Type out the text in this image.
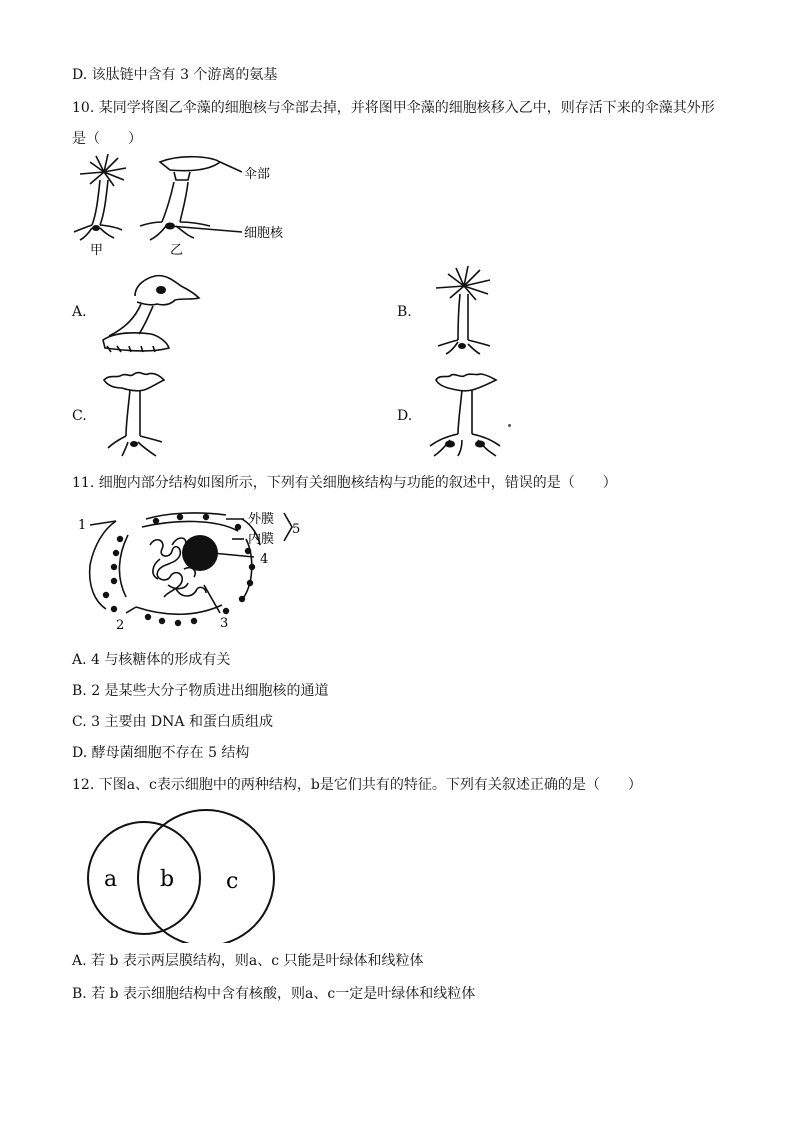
D. 该肽链中含有 3 个游离的氨基
10. 某同学将图乙伞藻的细胞核与伞部去掉，并将图甲伞藻的细胞核移入乙中，则存活下来的伞藻其外形
是（　　）
伞部
细胞核
甲	乙
A.	B.
C.	D.
11. 细胞内部分结构如图所示，下列有关细胞核结构与功能的叙述中，错误的是（　　）
1
2	3
4
5
外膜
内膜
A. 4 与核糖体的形成有关
B. 2 是某些大分子物质进出细胞核的通道
C. 3 主要由 DNA 和蛋白质组成
D. 酵母菌细胞不存在 5 结构
12. 下图a、c表示细胞中的两种结构，b是它们共有的特征。下列有关叙述正确的是（　　）
a b c
A. 若 b 表示两层膜结构，则a、c 只能是叶绿体和线粒体
B. 若 b 表示细胞结构中含有核酸，则a、c一定是叶绿体和线粒体
